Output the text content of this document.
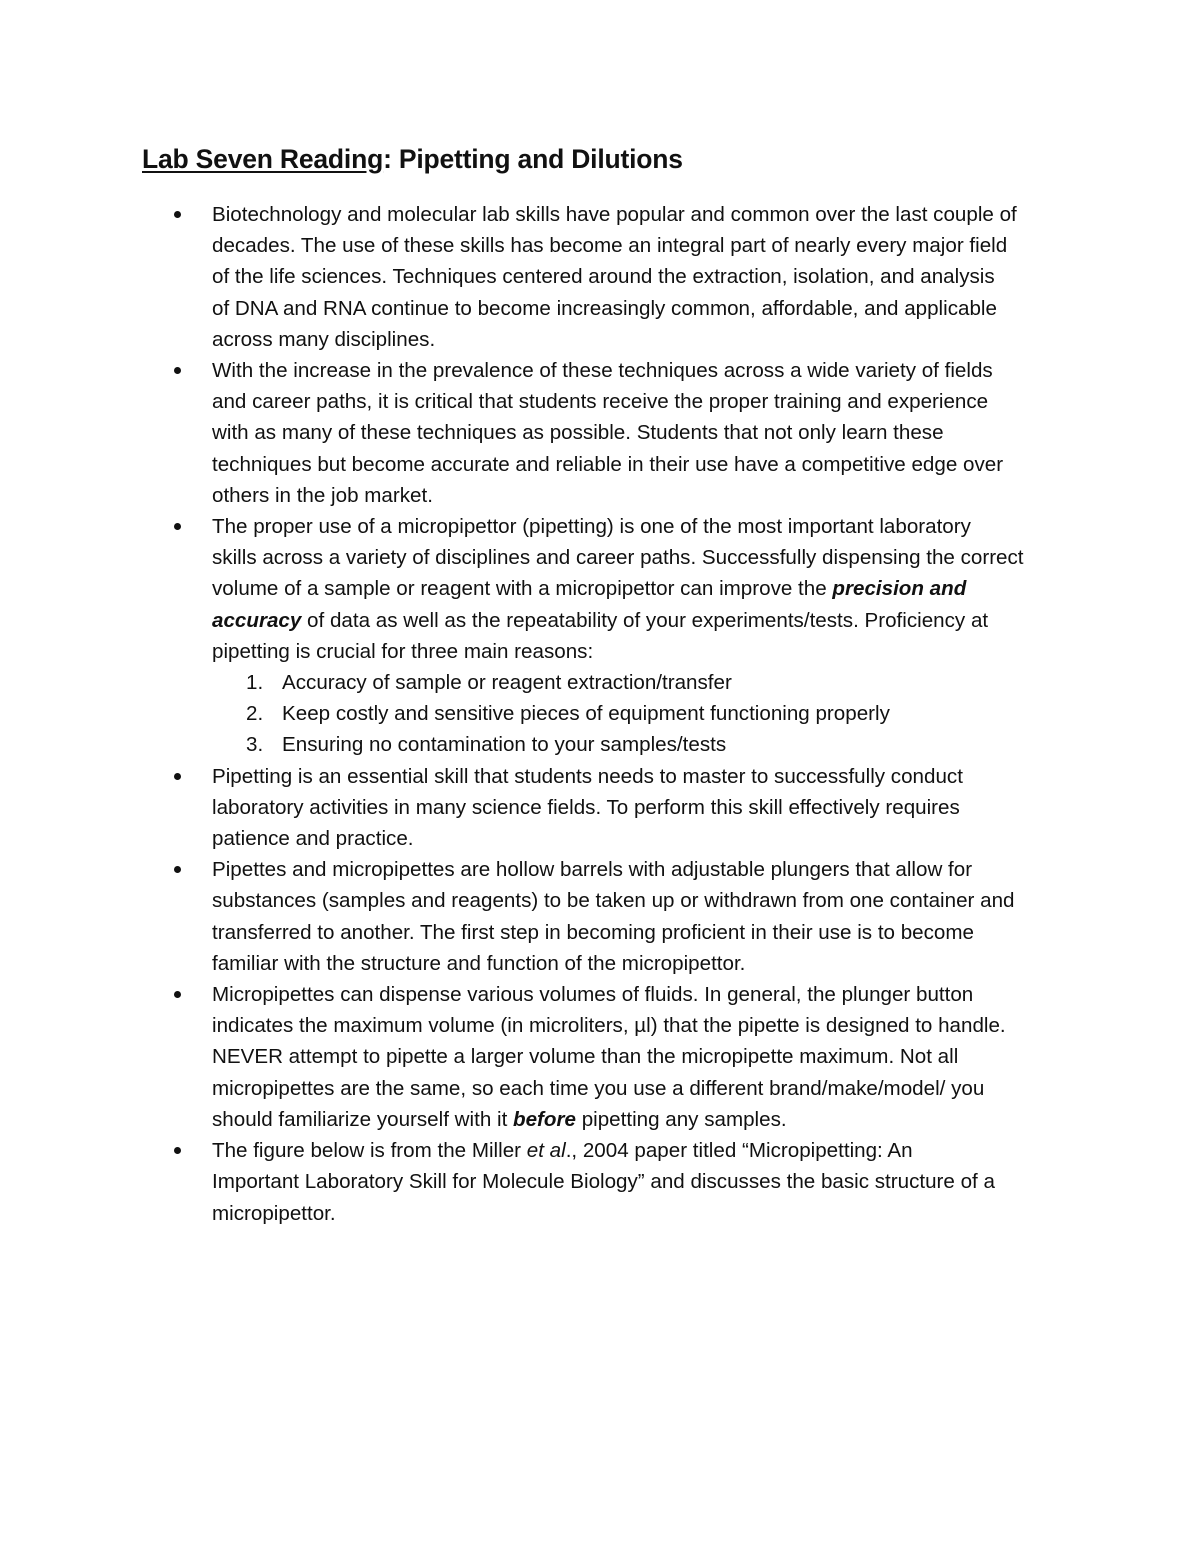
Lab Seven Reading: Pipetting and Dilutions
Biotechnology and molecular lab skills have popular and common over the last couple of
decades. The use of these skills has become an integral part of nearly every major field
of the life sciences. Techniques centered around the extraction, isolation, and analysis
of DNA and RNA continue to become increasingly common, affordable, and applicable
across many disciplines.
With the increase in the prevalence of these techniques across a wide variety of fields
and career paths, it is critical that students receive the proper training and experience
with as many of these techniques as possible. Students that not only learn these
techniques but become accurate and reliable in their use have a competitive edge over
others in the job market.
The proper use of a micropipettor (pipetting) is one of the most important laboratory
skills across a variety of disciplines and career paths. Successfully dispensing the correct
volume of a sample or reagent with a micropipettor can improve the precision and
accuracy of data as well as the repeatability of your experiments/tests. Proficiency at
pipetting is crucial for three main reasons:
1. Accuracy of sample or reagent extraction/transfer
2. Keep costly and sensitive pieces of equipment functioning properly
3. Ensuring no contamination to your samples/tests
Pipetting is an essential skill that students needs to master to successfully conduct
laboratory activities in many science fields. To perform this skill effectively requires
patience and practice.
Pipettes and micropipettes are hollow barrels with adjustable plungers that allow for
substances (samples and reagents) to be taken up or withdrawn from one container and
transferred to another. The first step in becoming proficient in their use is to become
familiar with the structure and function of the micropipettor.
Micropipettes can dispense various volumes of fluids. In general, the plunger button
indicates the maximum volume (in microliters, µl) that the pipette is designed to handle.
NEVER attempt to pipette a larger volume than the micropipette maximum. Not all
micropipettes are the same, so each time you use a different brand/make/model/ you
should familiarize yourself with it before pipetting any samples.
The figure below is from the Miller et al., 2004 paper titled “Micropipetting: An
Important Laboratory Skill for Molecule Biology” and discusses the basic structure of a
micropipettor.
